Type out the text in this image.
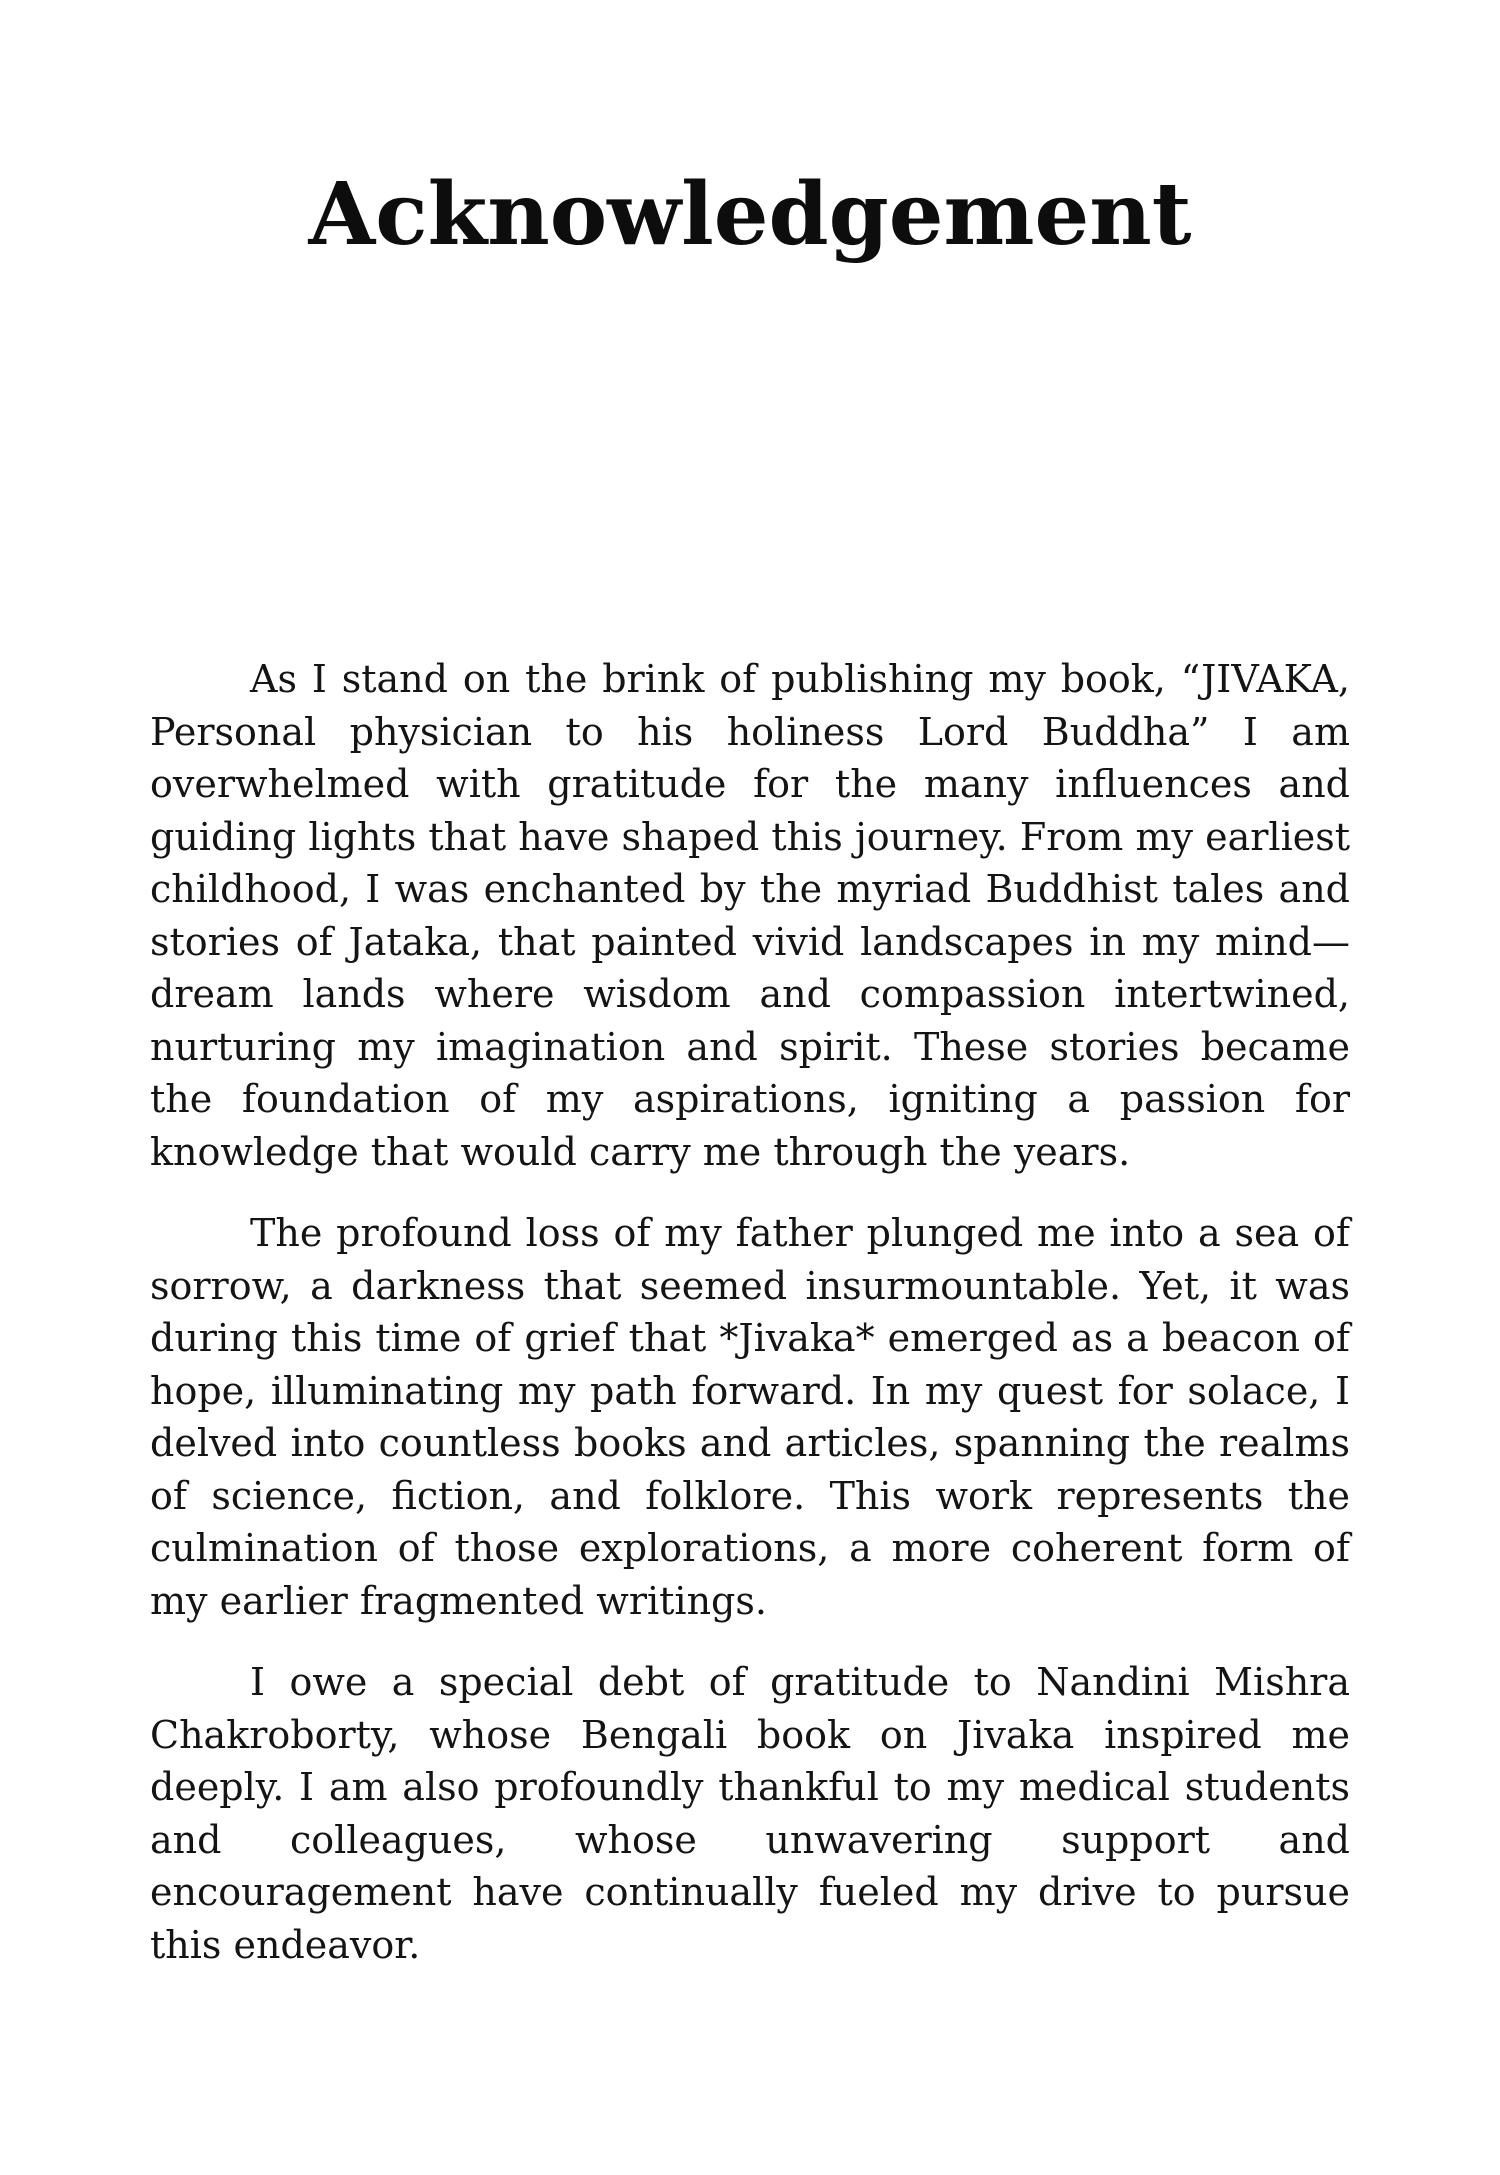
Acknowledgement

As I stand on the brink of publishing my book, “JIVAKA, Personal physician to his holiness Lord Buddha” I am overwhelmed with gratitude for the many influences and guiding lights that have shaped this journey. From my earliest childhood, I was enchanted by the myriad Buddhist tales and stories of Jataka, that painted vivid landscapes in my mind—dream lands where wisdom and compassion intertwined, nurturing my imagination and spirit. These stories became the foundation of my aspirations, igniting a passion for knowledge that would carry me through the years.

The profound loss of my father plunged me into a sea of sorrow, a darkness that seemed insurmountable. Yet, it was during this time of grief that *Jivaka* emerged as a beacon of hope, illuminating my path forward. In my quest for solace, I delved into countless books and articles, spanning the realms of science, fiction, and folklore. This work represents the culmination of those explorations, a more coherent form of my earlier fragmented writings.

I owe a special debt of gratitude to Nandini Mishra Chakroborty, whose Bengali book on Jivaka inspired me deeply. I am also profoundly thankful to my medical students and colleagues, whose unwavering support and encouragement have continually fueled my drive to pursue this endeavor.
